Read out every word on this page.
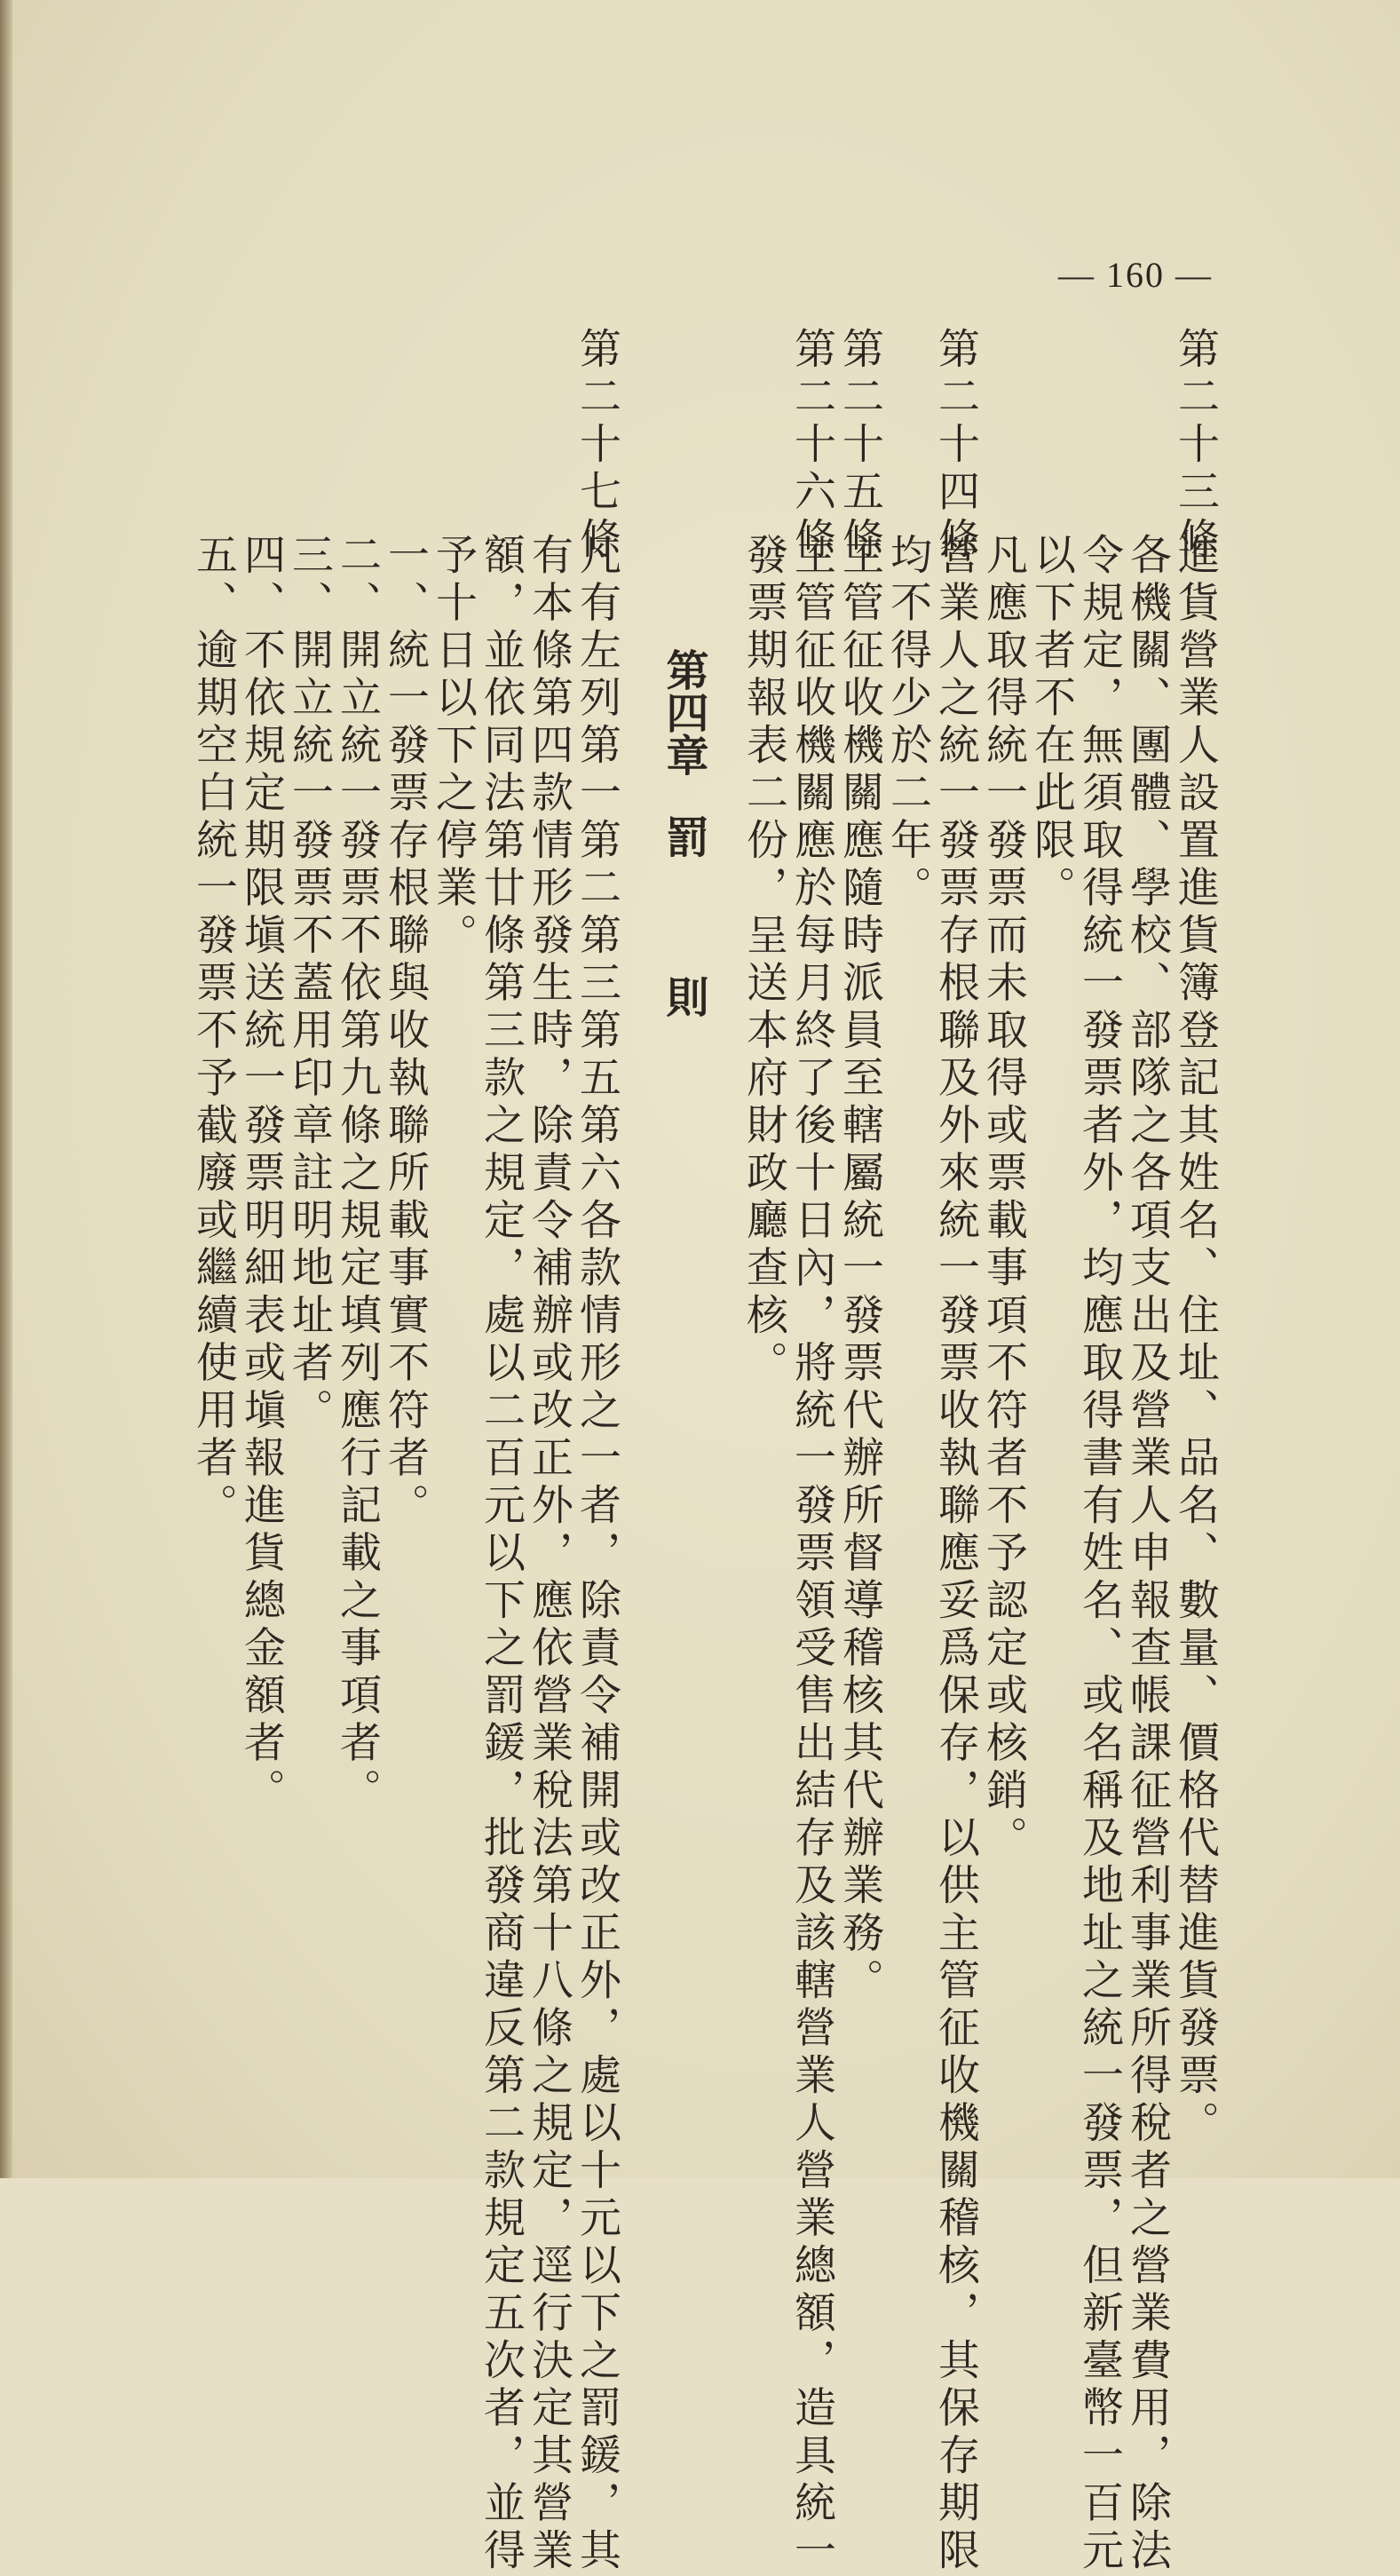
— 160 —
第二十三條
進貨營業人設置進貨簿登記其姓名、住址、品名、數量、價格代替進貨發票。
各機關、團體、學校、部隊之各項支出及營業人申報查帳課征營利事業所得稅者之營業費用，除法
令規定，無須取得統一發票者外，均應取得書有姓名、或名稱及地址之統一發票，但新臺幣一百元
以下者不在此限。
凡應取得統一發票而未取得或票載事項不符者不予認定或核銷。
第二十四條
營業人之統一發票存根聯及外來統一發票收執聯應妥爲保存，以供主管征收機關稽核，其保存期限
均不得少於二年。
第二十五條
主管征收機關應隨時派員至轄屬統一發票代辦所督導稽核其代辦業務。
第二十六條
主管征收機關應於每月終了後十日內，將統一發票領受售出結存及該轄營業人營業總額，造具統一
發票期報表二份，呈送本府財政廳查核。
第四章
罰
則
第二十七條
凡有左列第一第二第三第五第六各款情形之一者，除責令補開或改正外，處以十元以下之罰鍰，其
有本條第四款情形發生時，除責令補辦或改正外，應依營業稅法第十八條之規定，逕行決定其營業
額，並依同法第廿條第三款之規定，處以二百元以下之罰鍰，批發商違反第二款規定五次者，並得
予十日以下之停業。
一、統一發票存根聯與收執聯所載事實不符者。
二、開立統一發票不依第九條之規定填列應行記載之事項者。
三、開立統一發票不蓋用印章註明地址者。
四、不依規定期限塡送統一發票明細表或塡報進貨總金額者。
五、逾期空白統一發票不予截廢或繼續使用者。
